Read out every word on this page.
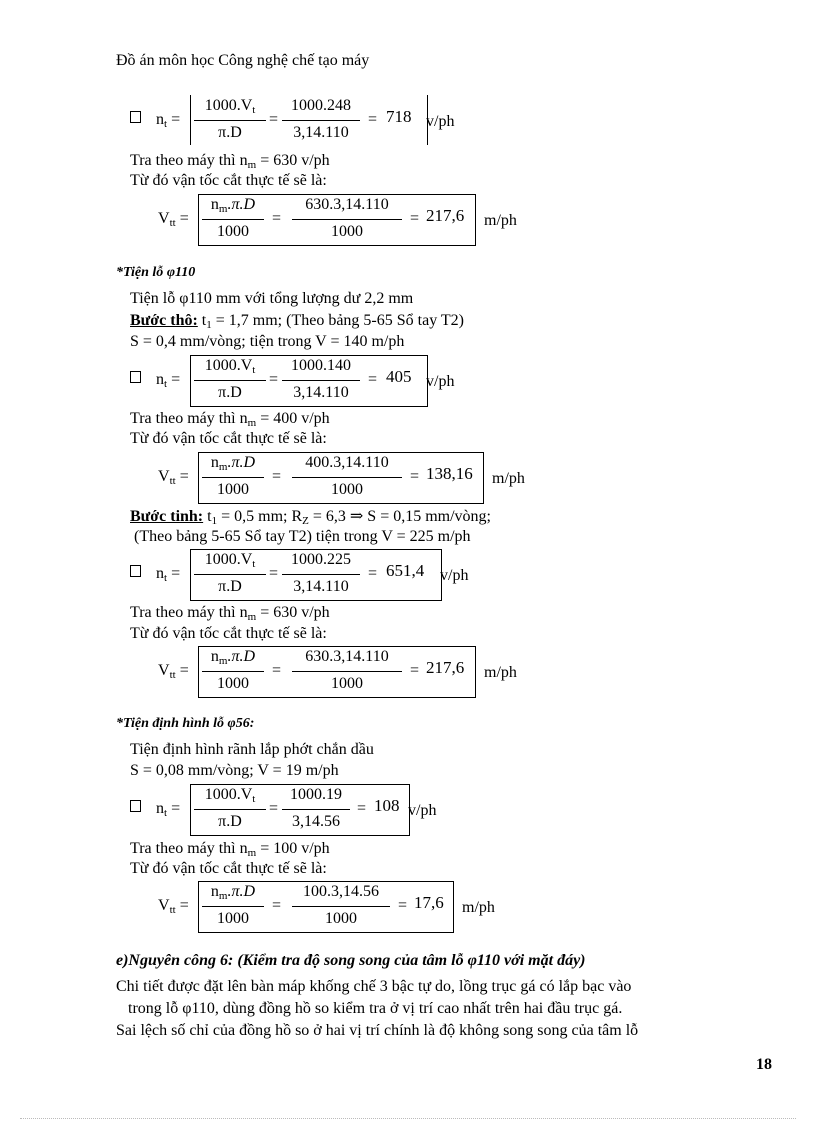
Đồ án môn học Công nghệ chế tạo máy
$n_t$ =
$1000.V_t$
π.D
=
1000.248
3,14.110
= 718 v/ph
Tra theo máy thì $n_m = 630$ v/ph
Từ đó vận tốc cắt thực tế sẽ là:
$V_{tt}$ =
$n_m.\pi.D$
1000
=
630.3,14.110
1000
= 217,6 m/ph
*Tiện lỗ φ110
Tiện lỗ φ110 mm với tổng lượng dư 2,2 mm
Bước thô: $t_1 = 1,7$ mm; (Theo bảng 5-65 Sổ tay T2)
S = 0,4 mm/vòng; tiện trong V = 140 m/ph
$n_t$ =
$1000.V_t$
π.D
=
1000.140
3,14.110
= 405 v/ph
Tra theo máy thì $n_m = 400$ v/ph
Từ đó vận tốc cắt thực tế sẽ là:
$V_{tt}$ =
$n_m.\pi.D$
1000
=
400.3,14.110
1000
= 138,16 m/ph
Bước tinh: $t_1 = 0,5$ mm; $R_Z = 6,3$ ⇒ S = 0,15 mm/vòng;
(Theo bảng 5-65 Sổ tay T2) tiện trong V = 225 m/ph
$n_t$ =
$1000.V_t$
π.D
=
1000.225
3,14.110
= 651,4 v/ph
Tra theo máy thì $n_m = 630$ v/ph
Từ đó vận tốc cắt thực tế sẽ là:
$V_{tt}$ =
$n_m.\pi.D$
1000
=
630.3,14.110
1000
= 217,6 m/ph
*Tiện định hình lỗ φ56:
Tiện định hình rãnh lắp phớt chắn dầu
S = 0,08 mm/vòng; V = 19 m/ph
$n_t$ =
$1000.V_t$
π.D
=
1000.19
3,14.56
= 108 v/ph
Tra theo máy thì $n_m = 100$ v/ph
Từ đó vận tốc cắt thực tế sẽ là:
$V_{tt}$ =
$n_m.\pi.D$
1000
=
100.3,14.56
1000
= 17,6 m/ph
e)Nguyên công 6: (Kiểm tra độ song song của tâm lỗ φ110 với mặt đáy)
Chi tiết được đặt lên bàn máp khống chế 3 bậc tự do, lồng trục gá có lắp bạc vào
trong lỗ φ110, dùng đồng hồ so kiểm tra ở vị trí cao nhất trên hai đầu trục gá.
Sai lệch số chỉ của đồng hồ so ở hai vị trí chính là độ không song song của tâm lỗ
18
